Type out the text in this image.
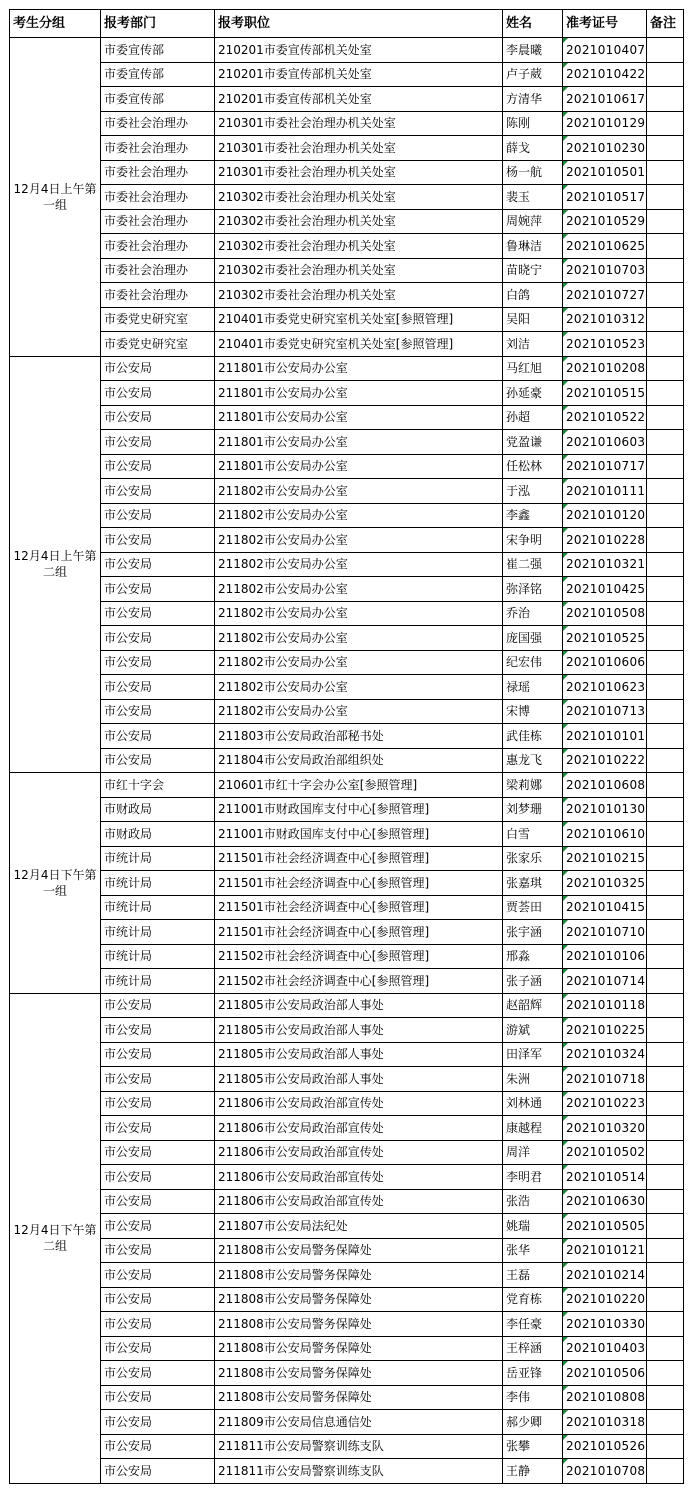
考生分组	报考部门	报考职位	姓名	准考证号	备注
12月4日上午第一组	市委宣传部	210201市委宣传部机关处室	李晨曦	2021010407	
	市委宣传部	210201市委宣传部机关处室	卢子葳	2021010422	
	市委宣传部	210201市委宣传部机关处室	方清华	2021010617	
	市委社会治理办	210301市委社会治理办机关处室	陈刚	2021010129	
	市委社会治理办	210301市委社会治理办机关处室	薛戈	2021010230	
	市委社会治理办	210301市委社会治理办机关处室	杨一航	2021010501	
	市委社会治理办	210302市委社会治理办机关处室	裴玉	2021010517	
	市委社会治理办	210302市委社会治理办机关处室	周婉萍	2021010529	
	市委社会治理办	210302市委社会治理办机关处室	鲁琳洁	2021010625	
	市委社会治理办	210302市委社会治理办机关处室	苗晓宁	2021010703	
	市委社会治理办	210302市委社会治理办机关处室	白鸽	2021010727	
	市委党史研究室	210401市委党史研究室机关处室[参照管理]	吴阳	2021010312	
	市委党史研究室	210401市委党史研究室机关处室[参照管理]	刘洁	2021010523	
12月4日上午第二组	市公安局	211801市公安局办公室	马红旭	2021010208	
	市公安局	211801市公安局办公室	孙延豪	2021010515	
	市公安局	211801市公安局办公室	孙超	2021010522	
	市公安局	211801市公安局办公室	党盈谦	2021010603	
	市公安局	211801市公安局办公室	任松林	2021010717	
	市公安局	211802市公安局办公室	于泓	2021010111	
	市公安局	211802市公安局办公室	李鑫	2021010120	
	市公安局	211802市公安局办公室	宋争明	2021010228	
	市公安局	211802市公安局办公室	崔二强	2021010321	
	市公安局	211802市公安局办公室	弥泽铭	2021010425	
	市公安局	211802市公安局办公室	乔治	2021010508	
	市公安局	211802市公安局办公室	庞国强	2021010525	
	市公安局	211802市公安局办公室	纪宏伟	2021010606	
	市公安局	211802市公安局办公室	禄瑶	2021010623	
	市公安局	211802市公安局办公室	宋博	2021010713	
	市公安局	211803市公安局政治部秘书处	武佳栋	2021010101	
	市公安局	211804市公安局政治部组织处	惠龙飞	2021010222	
12月4日下午第一组	市红十字会	210601市红十字会办公室[参照管理]	梁莉娜	2021010608	
	市财政局	211001市财政国库支付中心[参照管理]	刘梦珊	2021010130	
	市财政局	211001市财政国库支付中心[参照管理]	白雪	2021010610	
	市统计局	211501市社会经济调查中心[参照管理]	张家乐	2021010215	
	市统计局	211501市社会经济调查中心[参照管理]	张嘉琪	2021010325	
	市统计局	211501市社会经济调查中心[参照管理]	贾荟田	2021010415	
	市统计局	211501市社会经济调查中心[参照管理]	张宇涵	2021010710	
	市统计局	211502市社会经济调查中心[参照管理]	邢淼	2021010106	
	市统计局	211502市社会经济调查中心[参照管理]	张子涵	2021010714	
12月4日下午第二组	市公安局	211805市公安局政治部人事处	赵韶辉	2021010118	
	市公安局	211805市公安局政治部人事处	游斌	2021010225	
	市公安局	211805市公安局政治部人事处	田泽军	2021010324	
	市公安局	211805市公安局政治部人事处	朱洲	2021010718	
	市公安局	211806市公安局政治部宣传处	刘林通	2021010223	
	市公安局	211806市公安局政治部宣传处	康越程	2021010320	
	市公安局	211806市公安局政治部宣传处	周洋	2021010502	
	市公安局	211806市公安局政治部宣传处	李明君	2021010514	
	市公安局	211806市公安局政治部宣传处	张浩	2021010630	
	市公安局	211807市公安局法纪处	姚瑞	2021010505	
	市公安局	211808市公安局警务保障处	张华	2021010121	
	市公安局	211808市公安局警务保障处	王磊	2021010214	
	市公安局	211808市公安局警务保障处	党育栋	2021010220	
	市公安局	211808市公安局警务保障处	李任豪	2021010330	
	市公安局	211808市公安局警务保障处	王梓涵	2021010403	
	市公安局	211808市公安局警务保障处	岳亚锋	2021010506	
	市公安局	211808市公安局警务保障处	李伟	2021010808	
	市公安局	211809市公安局信息通信处	郝少卿	2021010318	
	市公安局	211811市公安局警察训练支队	张攀	2021010526	
	市公安局	211811市公安局警察训练支队	王静	2021010708	
